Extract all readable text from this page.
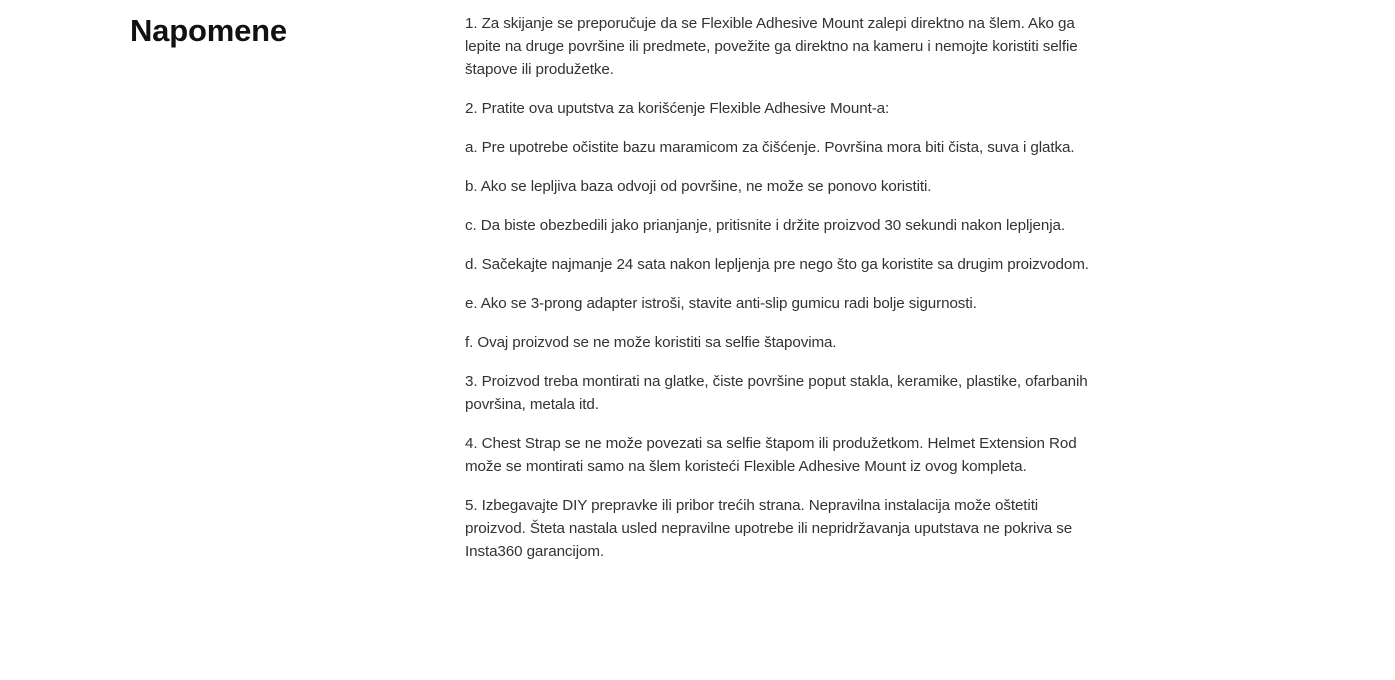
Napomene	1. Za skijanje se preporučuje da se Flexible Adhesive Mount zalepi direktno na šlem. Ako ga lepite na druge površine ili predmete, povežite ga direktno na kameru i nemojte koristiti selfie štapove ili produžetke.
2. Pratite ova uputstva za korišćenje Flexible Adhesive Mount-a:
a. Pre upotrebe očistite bazu maramicom za čišćenje. Površina mora biti čista, suva i glatka.
b. Ako se lepljiva baza odvoji od površine, ne može se ponovo koristiti.
c. Da biste obezbedili jako prianjanje, pritisnite i držite proizvod 30 sekundi nakon lepljenja.
d. Sačekajte najmanje 24 sata nakon lepljenja pre nego što ga koristite sa drugim proizvodom.
e. Ako se 3-prong adapter istroši, stavite anti-slip gumicu radi bolje sigurnosti.
f. Ovaj proizvod se ne može koristiti sa selfie štapovima.
3. Proizvod treba montirati na glatke, čiste površine poput stakla, keramike, plastike, ofarbanih površina, metala itd.
4. Chest Strap se ne može povezati sa selfie štapom ili produžetkom. Helmet Extension Rod može se montirati samo na šlem koristeći Flexible Adhesive Mount iz ovog kompleta.
5. Izbegavajte DIY prepravke ili pribor trećih strana. Nepravilna instalacija može oštetiti proizvod. Šteta nastala usled nepravilne upotrebe ili nepridržavanja uputstava ne pokriva se Insta360 garancijom.
